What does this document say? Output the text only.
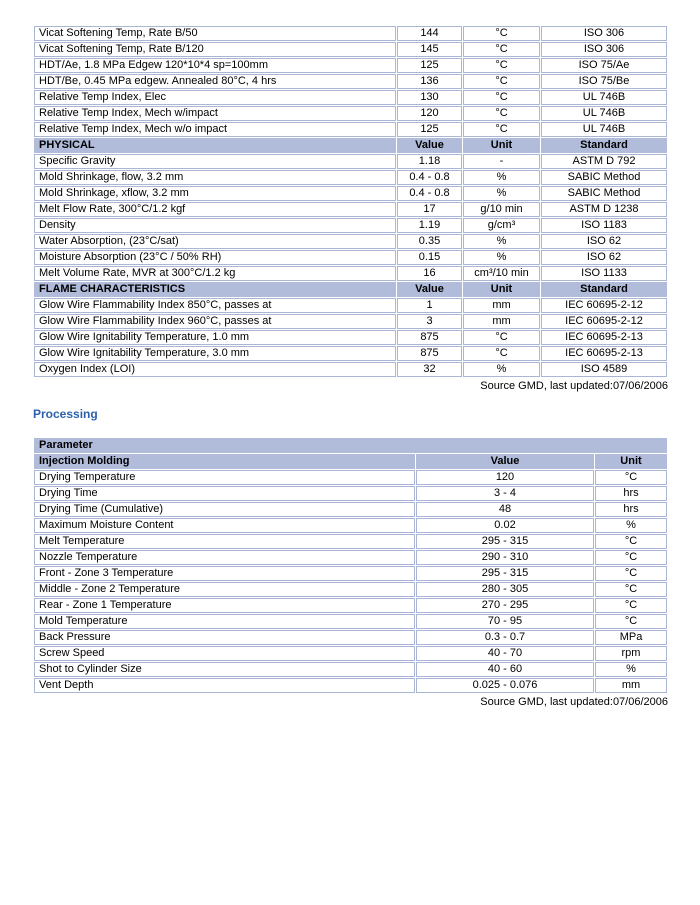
Vicat Softening Temp, Rate B/50	144	°C	ISO 306
Vicat Softening Temp, Rate B/120	145	°C	ISO 306
HDT/Ae, 1.8 MPa Edgew 120*10*4 sp=100mm	125	°C	ISO 75/Ae
HDT/Be, 0.45 MPa edgew. Annealed 80°C, 4 hrs	136	°C	ISO 75/Be
Relative Temp Index, Elec	130	°C	UL 746B
Relative Temp Index, Mech w/impact	120	°C	UL 746B
Relative Temp Index, Mech w/o impact	125	°C	UL 746B
PHYSICAL	Value	Unit	Standard
Specific Gravity	1.18	-	ASTM D 792
Mold Shrinkage, flow, 3.2 mm	0.4 - 0.8	%	SABIC Method
Mold Shrinkage, xflow, 3.2 mm	0.4 - 0.8	%	SABIC Method
Melt Flow Rate, 300°C/1.2 kgf	17	g/10 min	ASTM D 1238
Density	1.19	g/cm³	ISO 1183
Water Absorption, (23°C/sat)	0.35	%	ISO 62
Moisture Absorption (23°C / 50% RH)	0.15	%	ISO 62
Melt Volume Rate, MVR at 300°C/1.2 kg	16	cm³/10 min	ISO 1133
FLAME CHARACTERISTICS	Value	Unit	Standard
Glow Wire Flammability Index 850°C, passes at	1	mm	IEC 60695-2-12
Glow Wire Flammability Index 960°C, passes at	3	mm	IEC 60695-2-12
Glow Wire Ignitability Temperature, 1.0 mm	875	°C	IEC 60695-2-13
Glow Wire Ignitability Temperature, 3.0 mm	875	°C	IEC 60695-2-13
Oxygen Index (LOI)	32	%	ISO 4589
Source GMD, last updated:07/06/2006
Processing
Parameter		
Injection Molding	Value	Unit
Drying Temperature	120	°C
Drying Time	3 - 4	hrs
Drying Time (Cumulative)	48	hrs
Maximum Moisture Content	0.02	%
Melt Temperature	295 - 315	°C
Nozzle Temperature	290 - 310	°C
Front - Zone 3 Temperature	295 - 315	°C
Middle - Zone 2 Temperature	280 - 305	°C
Rear - Zone 1 Temperature	270 - 295	°C
Mold Temperature	70 - 95	°C
Back Pressure	0.3 - 0.7	MPa
Screw Speed	40 - 70	rpm
Shot to Cylinder Size	40 - 60	%
Vent Depth	0.025 - 0.076	mm
Source GMD, last updated:07/06/2006
